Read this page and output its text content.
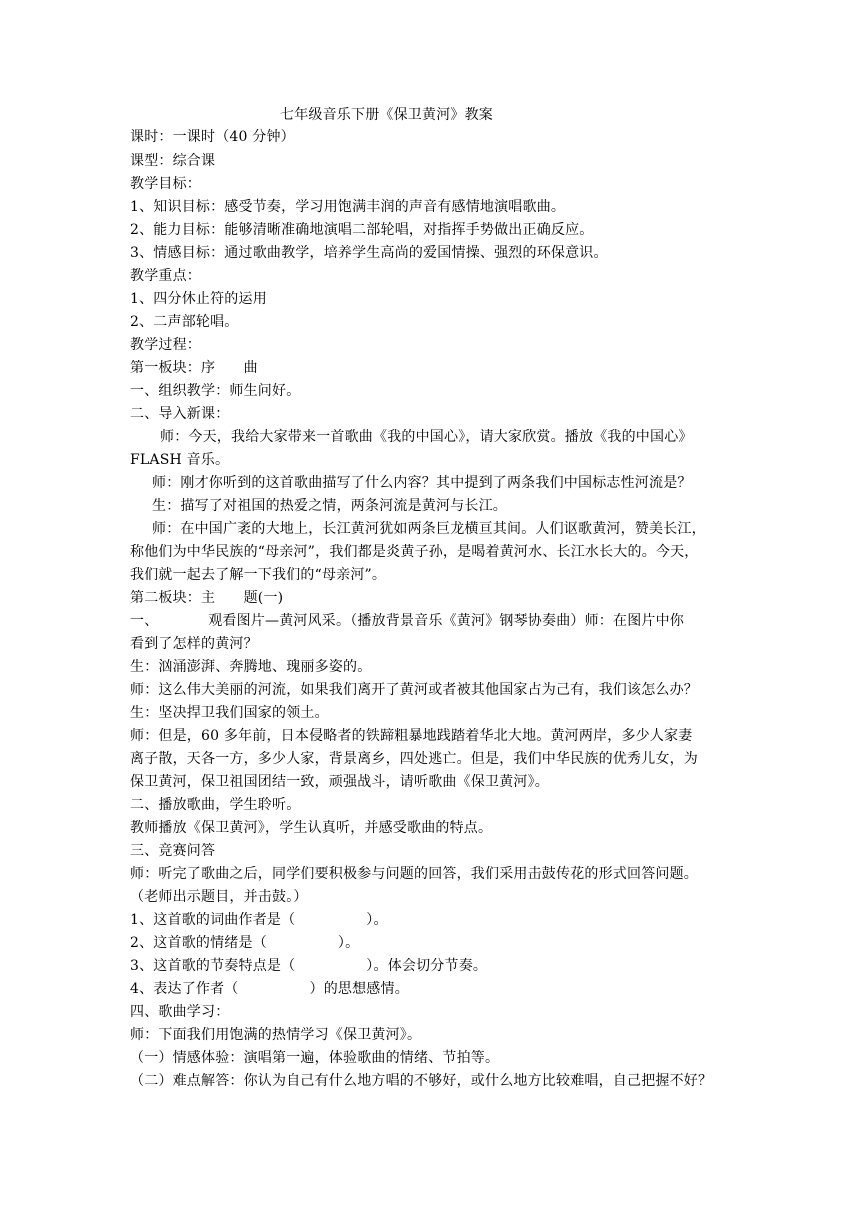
七年级音乐下册《保卫黄河》教案
课时：一课时（40 分钟）
课型：综合课
教学目标：
1、知识目标：感受节奏，学习用饱满丰润的声音有感情地演唱歌曲。
2、能力目标：能够清晰准确地演唱二部轮唱，对指挥手势做出正确反应。
3、情感目标：通过歌曲教学，培养学生高尚的爱国情操、强烈的环保意识。
教学重点：
1、四分休止符的运用
2、二声部轮唱。
教学过程：
第一板块：序　　曲
一、组织教学：师生问好。
二、导入新课：
师：今天，我给大家带来一首歌曲《我的中国心》，请大家欣赏。播放《我的中国心》
FLASH 音乐。
师：刚才你听到的这首歌曲描写了什么内容？其中提到了两条我们中国标志性河流是？
生：描写了对祖国的热爱之情，两条河流是黄河与长江。
师：在中国广袤的大地上，长江黄河犹如两条巨龙横亘其间。人们讴歌黄河，赞美长江，
称他们为中华民族的“母亲河”，我们都是炎黄子孙，是喝着黄河水、长江水长大的。今天，
我们就一起去了解一下我们的“母亲河”。
第二板块：主　　题(一)
一、　　　　观看图片—黄河风采。（播放背景音乐《黄河》钢琴协奏曲）师：在图片中你
看到了怎样的黄河？
生：汹涌澎湃、奔腾地、瑰丽多姿的。
师：这么伟大美丽的河流，如果我们离开了黄河或者被其他国家占为己有，我们该怎么办？
生：坚决捍卫我们国家的领土。
师：但是，60 多年前，日本侵略者的铁蹄粗暴地践踏着华北大地。黄河两岸，多少人家妻
离子散，天各一方，多少人家，背景离乡，四处逃亡。但是，我们中华民族的优秀儿女，为
保卫黄河，保卫祖国团结一致，顽强战斗，请听歌曲《保卫黄河》。
二、播放歌曲，学生聆听。
教师播放《保卫黄河》，学生认真听，并感受歌曲的特点。
三、竞赛问答
师：听完了歌曲之后，同学们要积极参与问题的回答，我们采用击鼓传花的形式回答问题。
（老师出示题目，并击鼓。）
1、这首歌的词曲作者是（　　　　　）。
2、这首歌的情绪是（　　　　　）。
3、这首歌的节奏特点是（　　　　　）。体会切分节奏。
4、表达了作者（　　　　　）的思想感情。
四、歌曲学习：
师：下面我们用饱满的热情学习《保卫黄河》。
（一）情感体验：演唱第一遍，体验歌曲的情绪、节拍等。
（二）难点解答：你认为自己有什么地方唱的不够好，或什么地方比较难唱，自己把握不好？
